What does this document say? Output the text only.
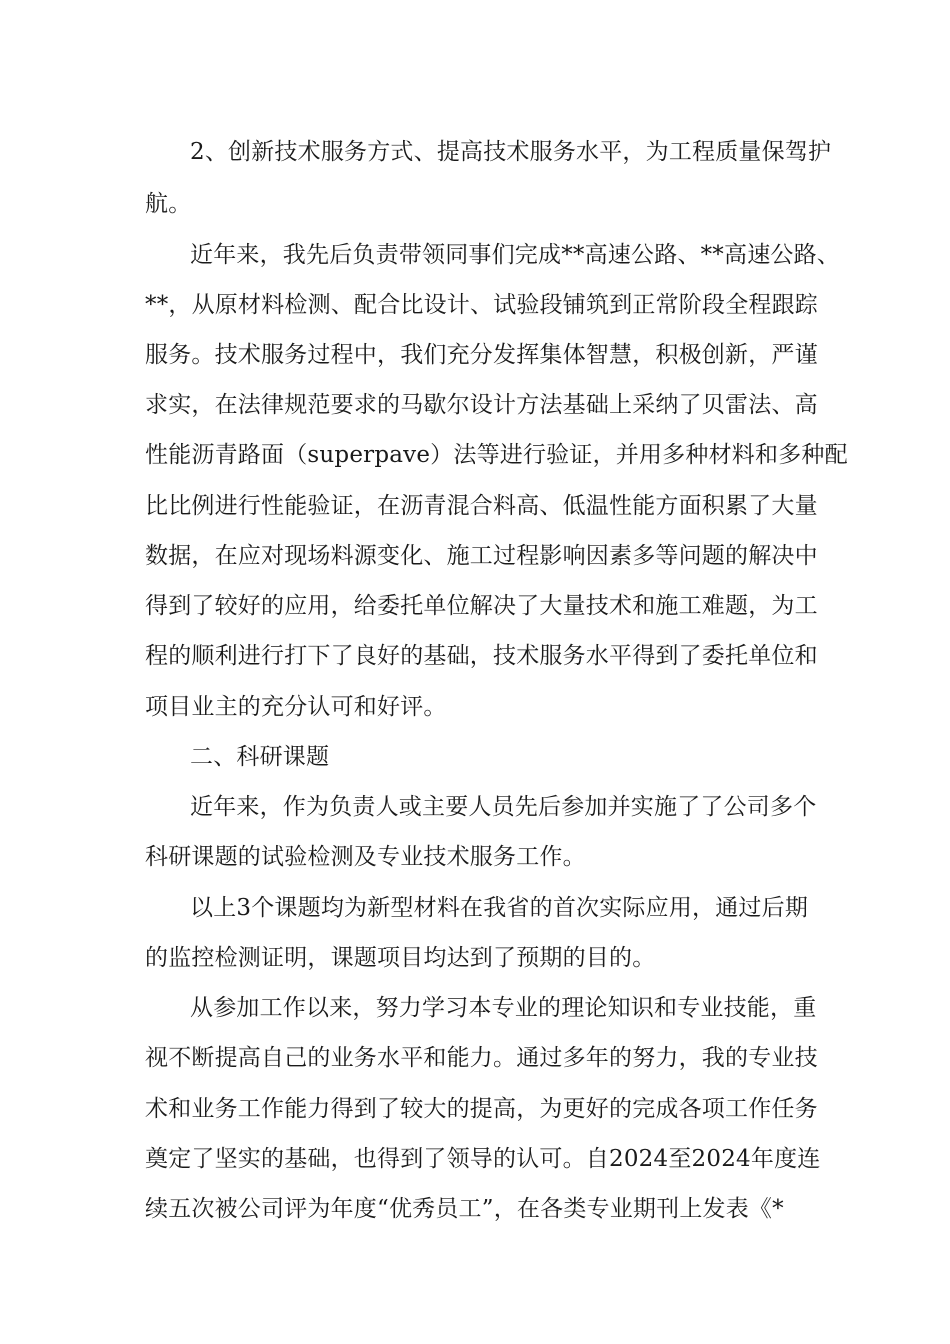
2、创新技术服务方式、提高技术服务水平，为工程质量保驾护

航。

近年来，我先后负责带领同事们完成**高速公路、**高速公路、

**，从原材料检测、配合比设计、试验段铺筑到正常阶段全程跟踪

服务。技术服务过程中，我们充分发挥集体智慧，积极创新，严谨

求实，在法律规范要求的马歇尔设计方法基础上采纳了贝雷法、高

性能沥青路面（superpave）法等进行验证，并用多种材料和多种配

比比例进行性能验证，在沥青混合料高、低温性能方面积累了大量

数据，在应对现场料源变化、施工过程影响因素多等问题的解决中

得到了较好的应用，给委托单位解决了大量技术和施工难题，为工

程的顺利进行打下了良好的基础，技术服务水平得到了委托单位和

项目业主的充分认可和好评。

二、科研课题

近年来，作为负责人或主要人员先后参加并实施了了公司多个

科研课题的试验检测及专业技术服务工作。

以上3个课题均为新型材料在我省的首次实际应用，通过后期

的监控检测证明，课题项目均达到了预期的目的。

从参加工作以来，努力学习本专业的理论知识和专业技能，重

视不断提高自己的业务水平和能力。通过多年的努力，我的专业技

术和业务工作能力得到了较大的提高，为更好的完成各项工作任务

奠定了坚实的基础，也得到了领导的认可。自2024至2024年度连

续五次被公司评为年度“优秀员工”，在各类专业期刊上发表《*
